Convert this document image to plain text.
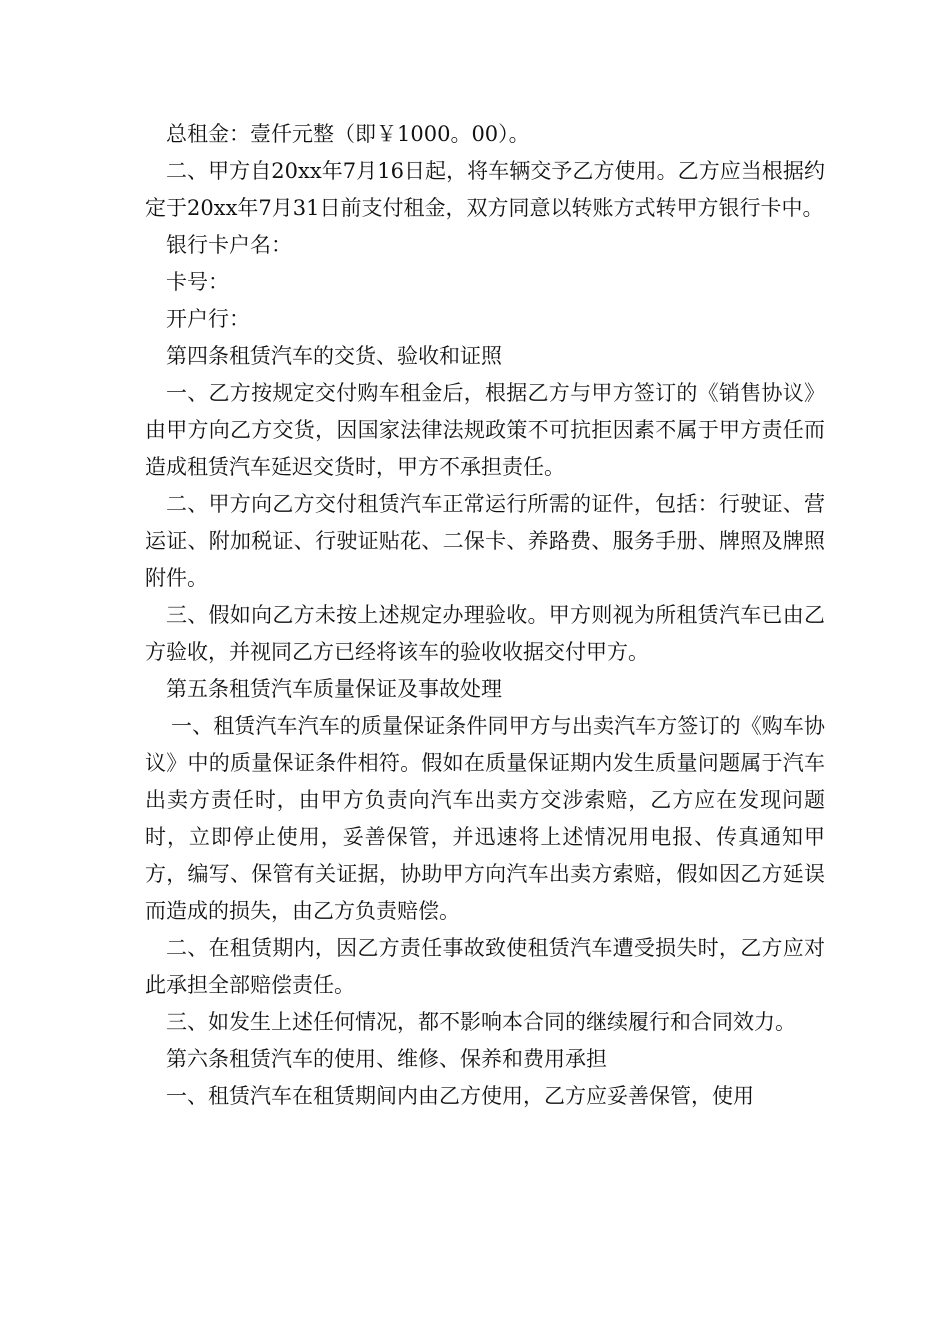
总租金：壹仟元整（即￥1000。00）。

二、甲方自20xx年7月16日起，将车辆交予乙方使用。乙方应当根据约定于20xx年7月31日前支付租金，双方同意以转账方式转甲方银行卡中。

银行卡户名：

卡号：

开户行：

第四条租赁汽车的交货、验收和证照

一、乙方按规定交付购车租金后，根据乙方与甲方签订的《销售协议》由甲方向乙方交货，因国家法律法规政策不可抗拒因素不属于甲方责任而造成租赁汽车延迟交货时，甲方不承担责任。

二、甲方向乙方交付租赁汽车正常运行所需的证件，包括：行驶证、营运证、附加税证、行驶证贴花、二保卡、养路费、服务手册、牌照及牌照附件。

三、假如向乙方未按上述规定办理验收。甲方则视为所租赁汽车已由乙方验收，并视同乙方已经将该车的验收收据交付甲方。

第五条租赁汽车质量保证及事故处理

一、租赁汽车汽车的质量保证条件同甲方与出卖汽车方签订的《购车协议》中的质量保证条件相符。假如在质量保证期内发生质量问题属于汽车出卖方责任时，由甲方负责向汽车出卖方交涉索赔，乙方应在发现问题时，立即停止使用，妥善保管，并迅速将上述情况用电报、传真通知甲方，编写、保管有关证据，协助甲方向汽车出卖方索赔，假如因乙方延误而造成的损失，由乙方负责赔偿。

二、在租赁期内，因乙方责任事故致使租赁汽车遭受损失时，乙方应对此承担全部赔偿责任。

三、如发生上述任何情况，都不影响本合同的继续履行和合同效力。

第六条租赁汽车的使用、维修、保养和费用承担

一、租赁汽车在租赁期间内由乙方使用，乙方应妥善保管，使用
